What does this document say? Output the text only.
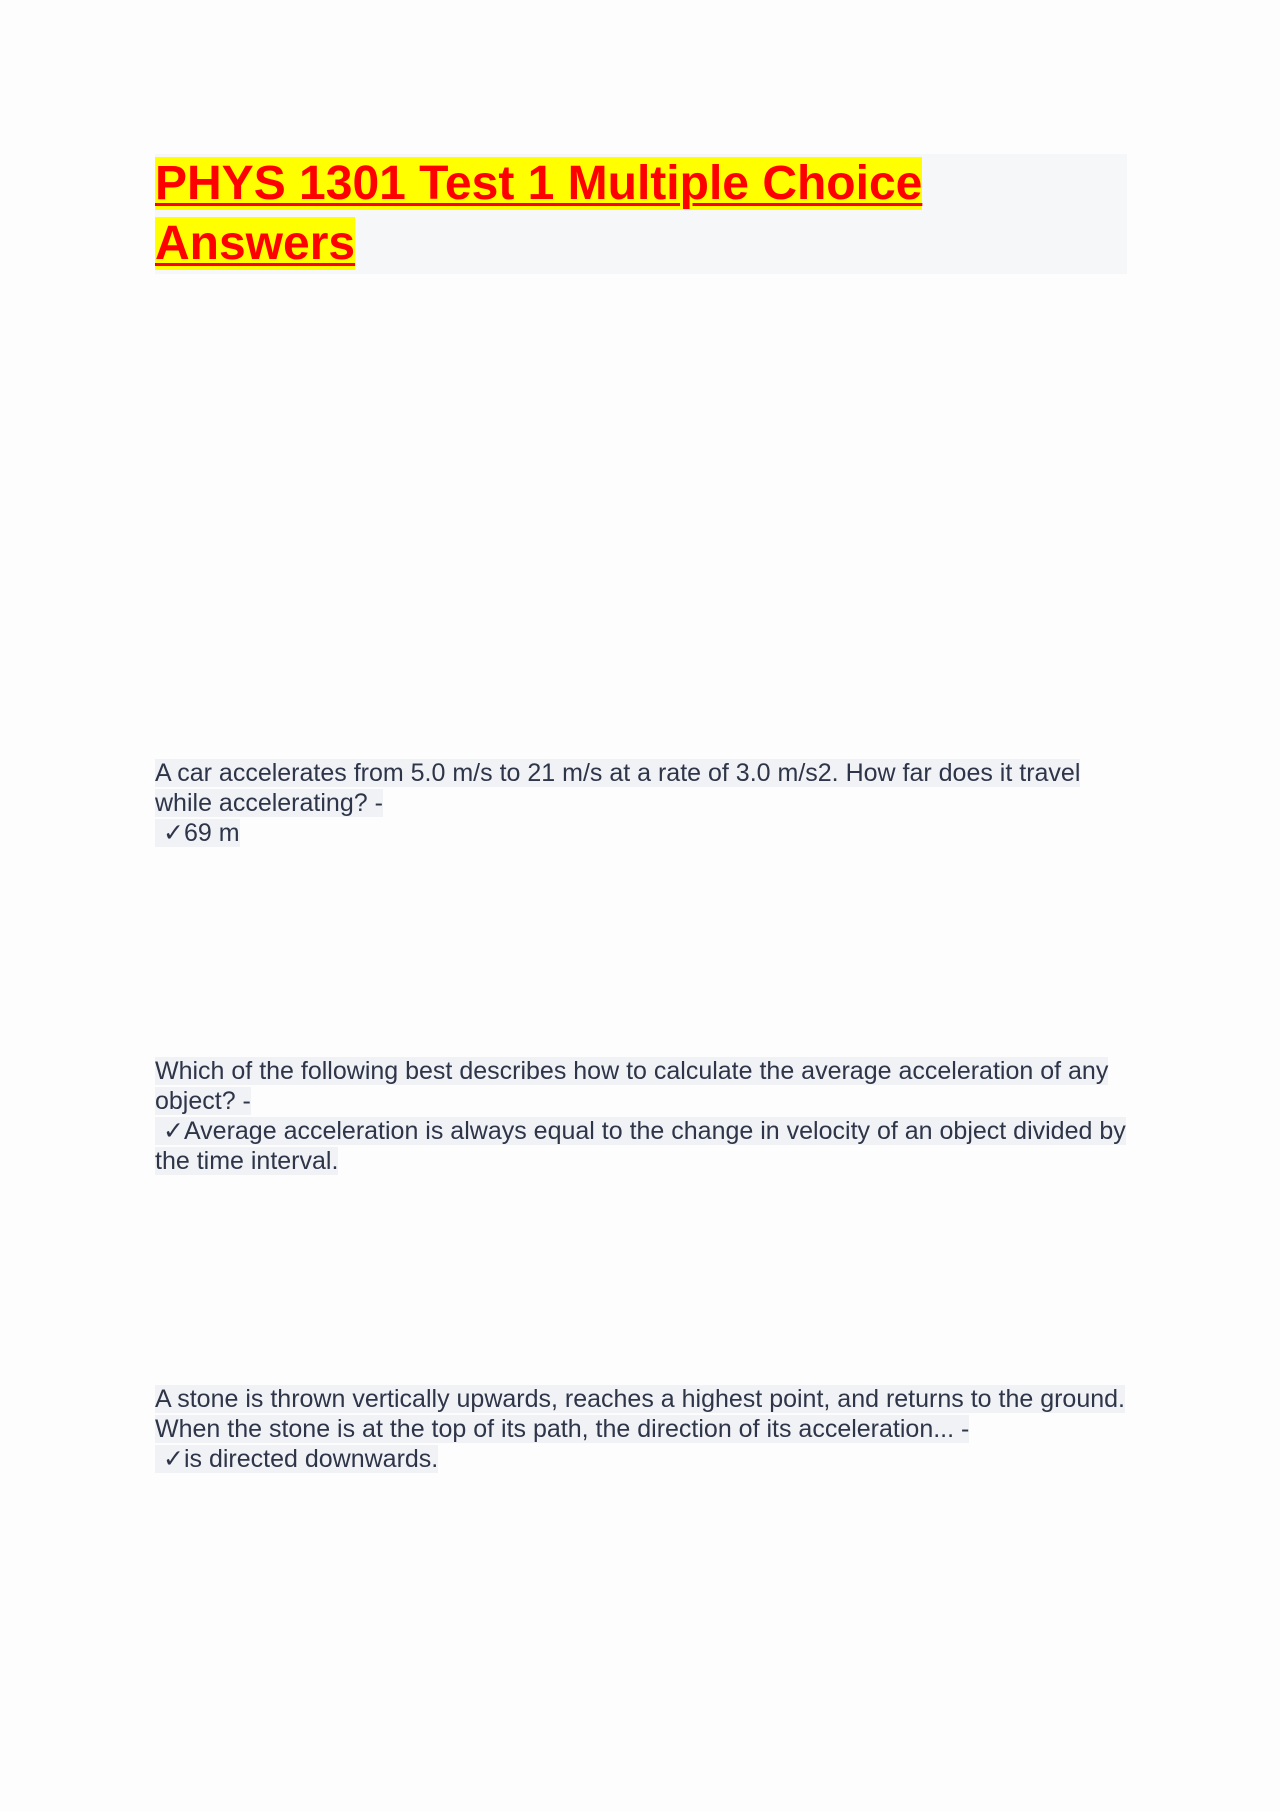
PHYS 1301 Test 1 Multiple Choice Answers
A car accelerates from 5.0 m/s to 21 m/s at a rate of 3.0 m/s2. How far does it travel while accelerating? -
✓69 m
Which of the following best describes how to calculate the average acceleration of any object? -
✓Average acceleration is always equal to the change in velocity of an object divided by the time interval.
A stone is thrown vertically upwards, reaches a highest point, and returns to the ground. When the stone is at the top of its path, the direction of its acceleration... -
✓is directed downwards.
